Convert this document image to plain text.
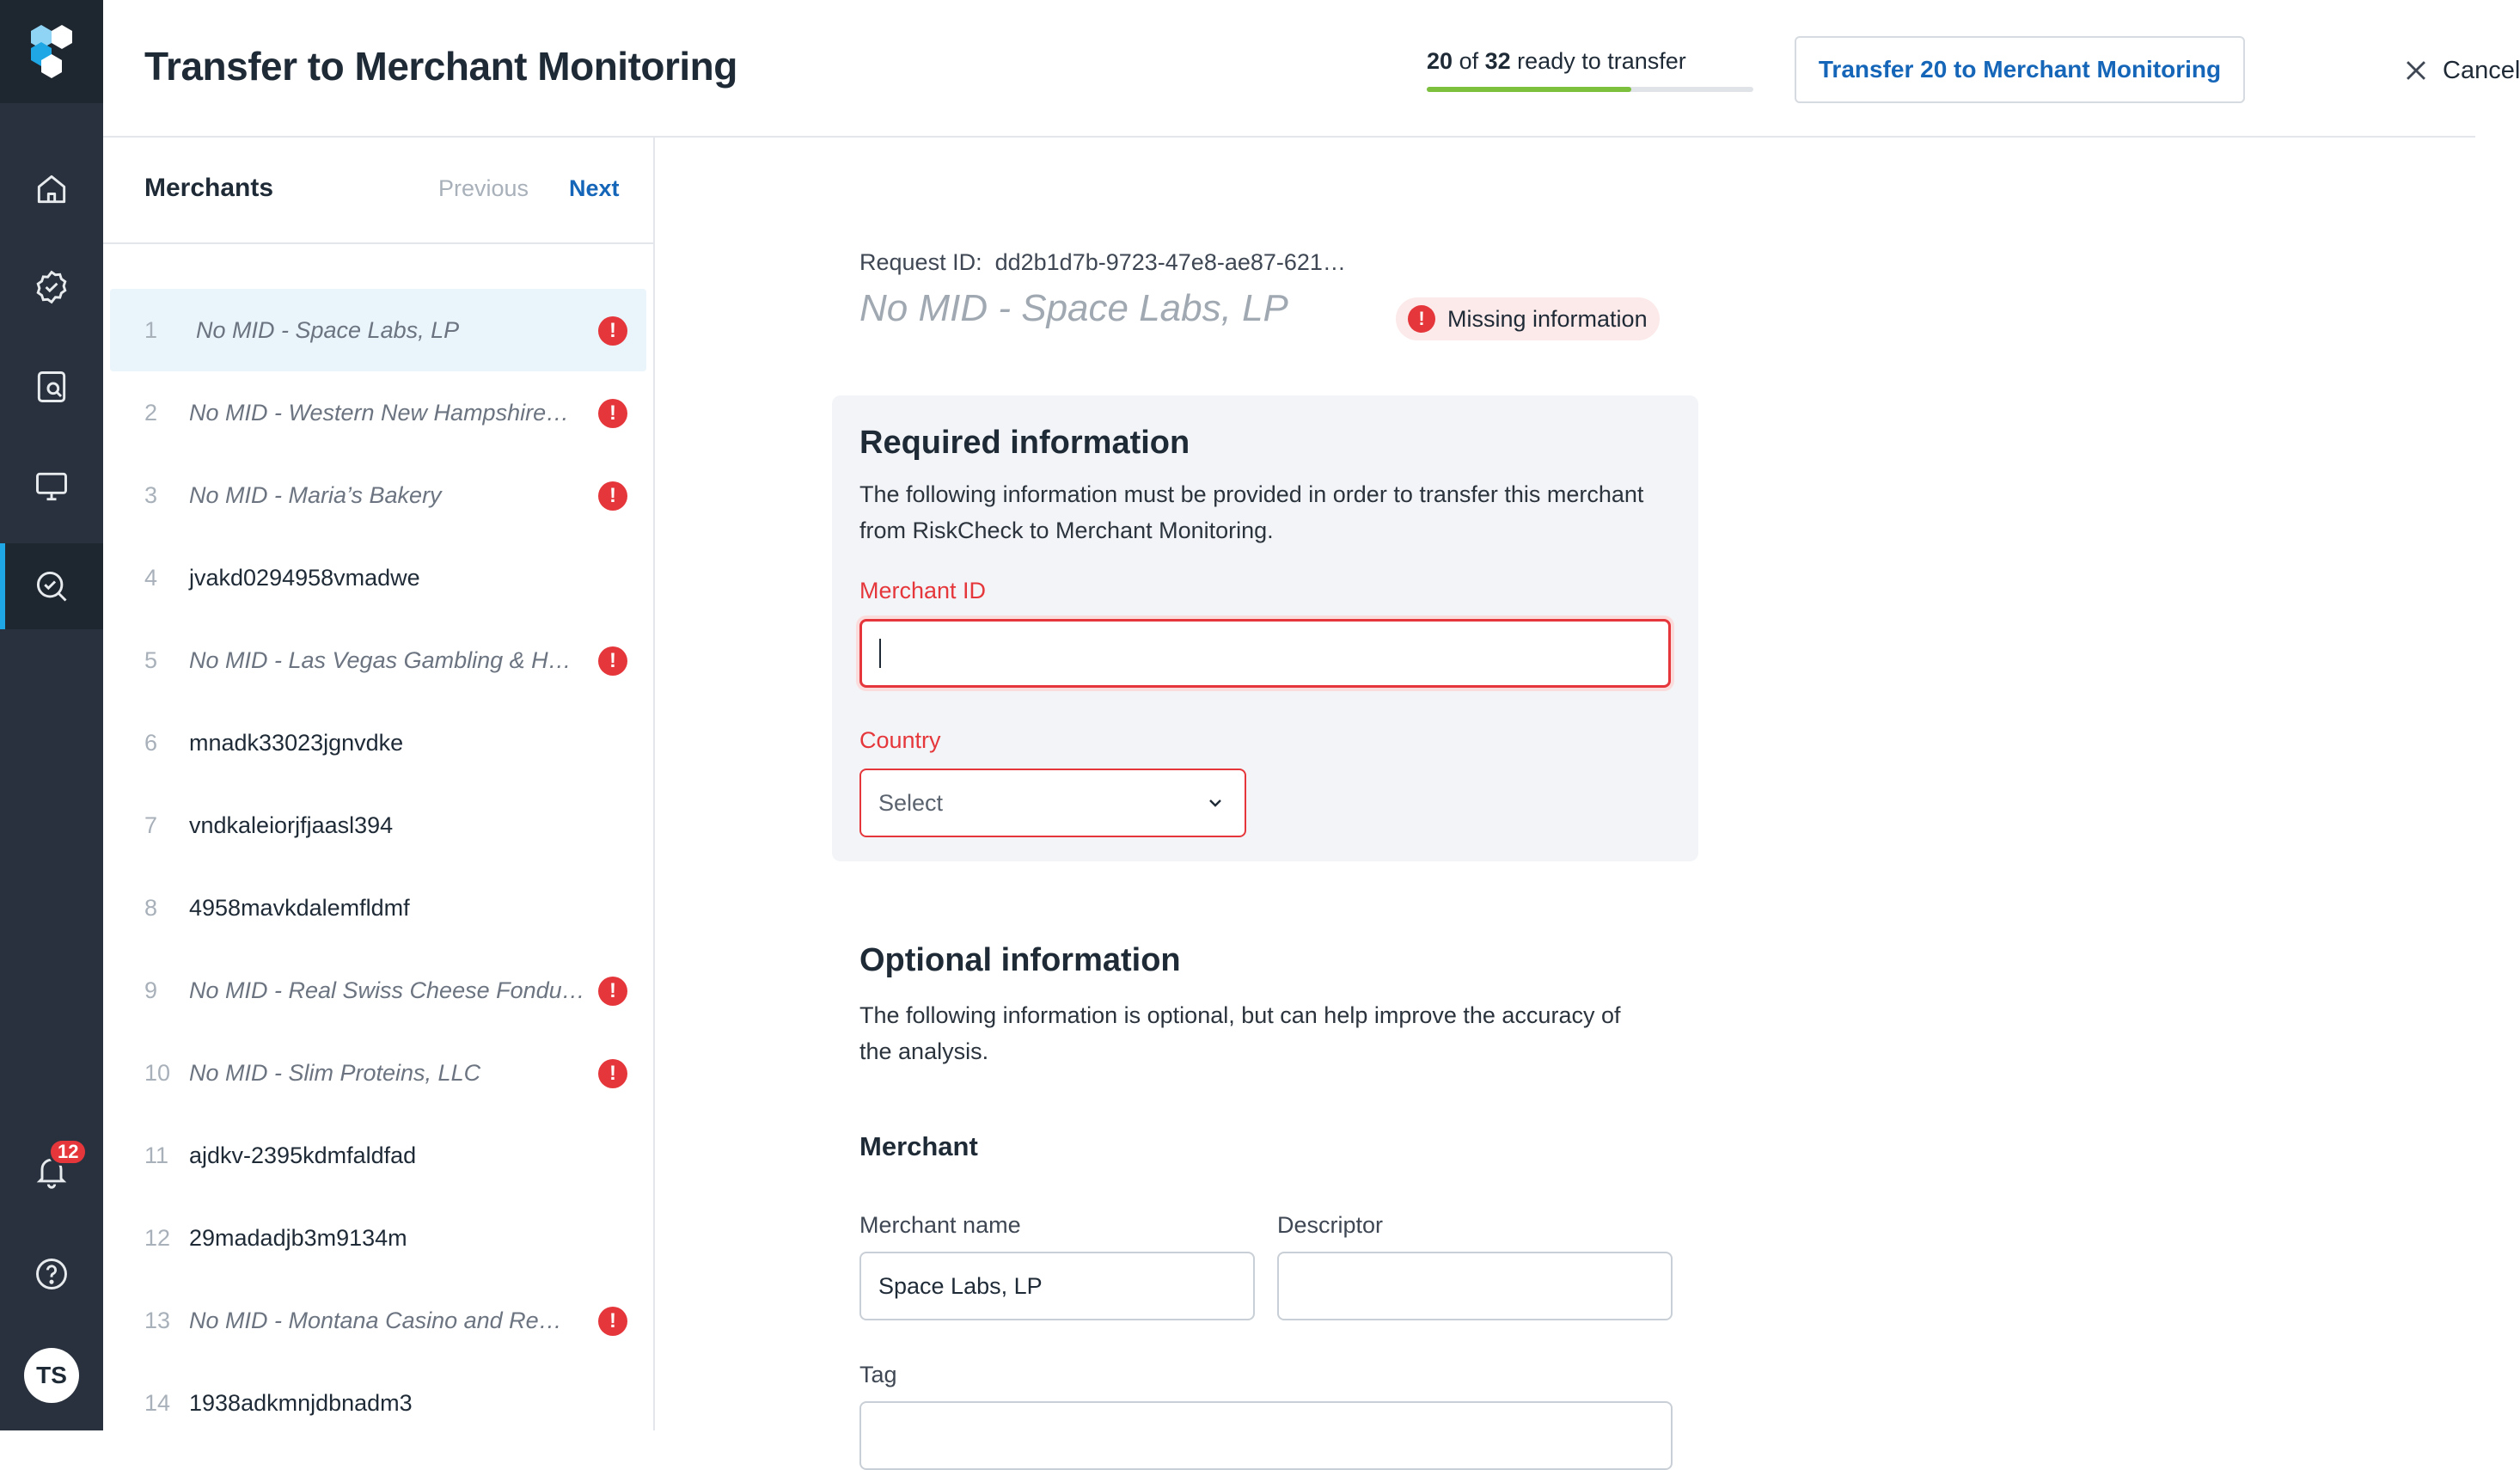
12
TS
Transfer to Merchant Monitoring	20 of 32 ready to transfer	Transfer 20 to Merchant Monitoring	Cancel
Merchants	Previous Next
1	No MID - Space Labs, LP	!
2	No MID - Western New Hampshire…	!
3	No MID - Maria’s Bakery	!
4	jvakd0294958vmadwe
5	No MID - Las Vegas Gambling & H…	!
6	mnadk33023jgnvdke
7	vndkaleiorjfjaasl394
8	4958mavkdalemfldmf
9	No MID - Real Swiss Cheese Fondu…	!
10 No MID - Slim Proteins, LLC	!
11 ajdkv-2395kdmfaldfad
12 29madadjb3m9134m
13 No MID - Montana Casino and Re…	!
14 1938adkmnjdbnadm3
Request ID: dd2b1d7b-9723-47e8-ae87-621…
No MID - Space Labs, LP	! Missing information
Required information
The following information must be provided in order to transfer this merchant from RiskCheck to Merchant Monitoring.
Merchant ID
Country
Select
Optional information
The following information is optional, but can help improve the accuracy of the analysis.
Merchant
Merchant name
Space Labs, LP
Descriptor
Tag
